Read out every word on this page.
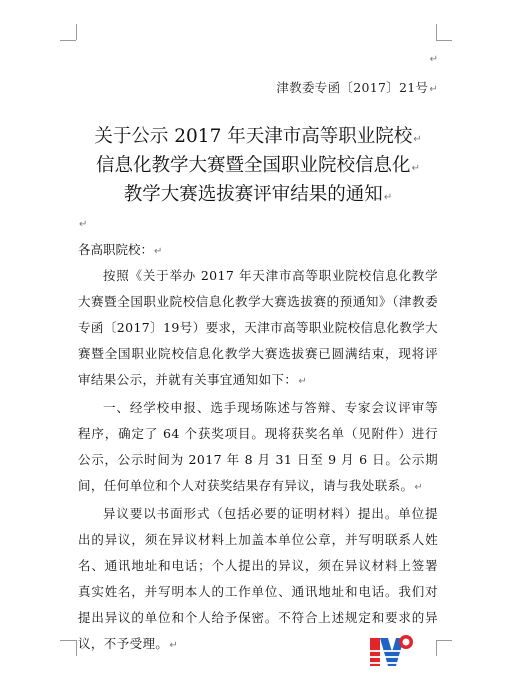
↵
津教委专函〔2017〕21号↵
关于公示 2017 年天津市高等职业院校↵
信息化教学大赛暨全国职业院校信息化↵
教学大赛选拔赛评审结果的通知↵
↵
各高职院校：↵

按照《关于举办 2017 年天津市高等职业院校信息化教学大赛暨全国职业院校信息化教学大赛选拔赛的预通知》（津教委专函〔2017〕19号）要求，天津市高等职业院校信息化教学大赛暨全国职业院校信息化教学大赛选拔赛已圆满结束，现将评审结果公示，并就有关事宜通知如下：↵

一、经学校申报、选手现场陈述与答辩、专家会议评审等程序，确定了 64 个获奖项目。现将获奖名单（见附件）进行公示，公示时间为 2017 年 8 月 31 日至 9 月 6 日。公示期间，任何单位和个人对获奖结果存有异议，请与我处联系。↵

异议要以书面形式（包括必要的证明材料）提出。单位提出的异议，须在异议材料上加盖本单位公章，并写明联系人姓名、通讯地址和电话；个人提出的异议，须在异议材料上签署真实姓名，并写明本人的工作单位、通讯地址和电话。我们对提出异议的单位和个人给予保密。不符合上述规定和要求的异议，不予受理。↵
